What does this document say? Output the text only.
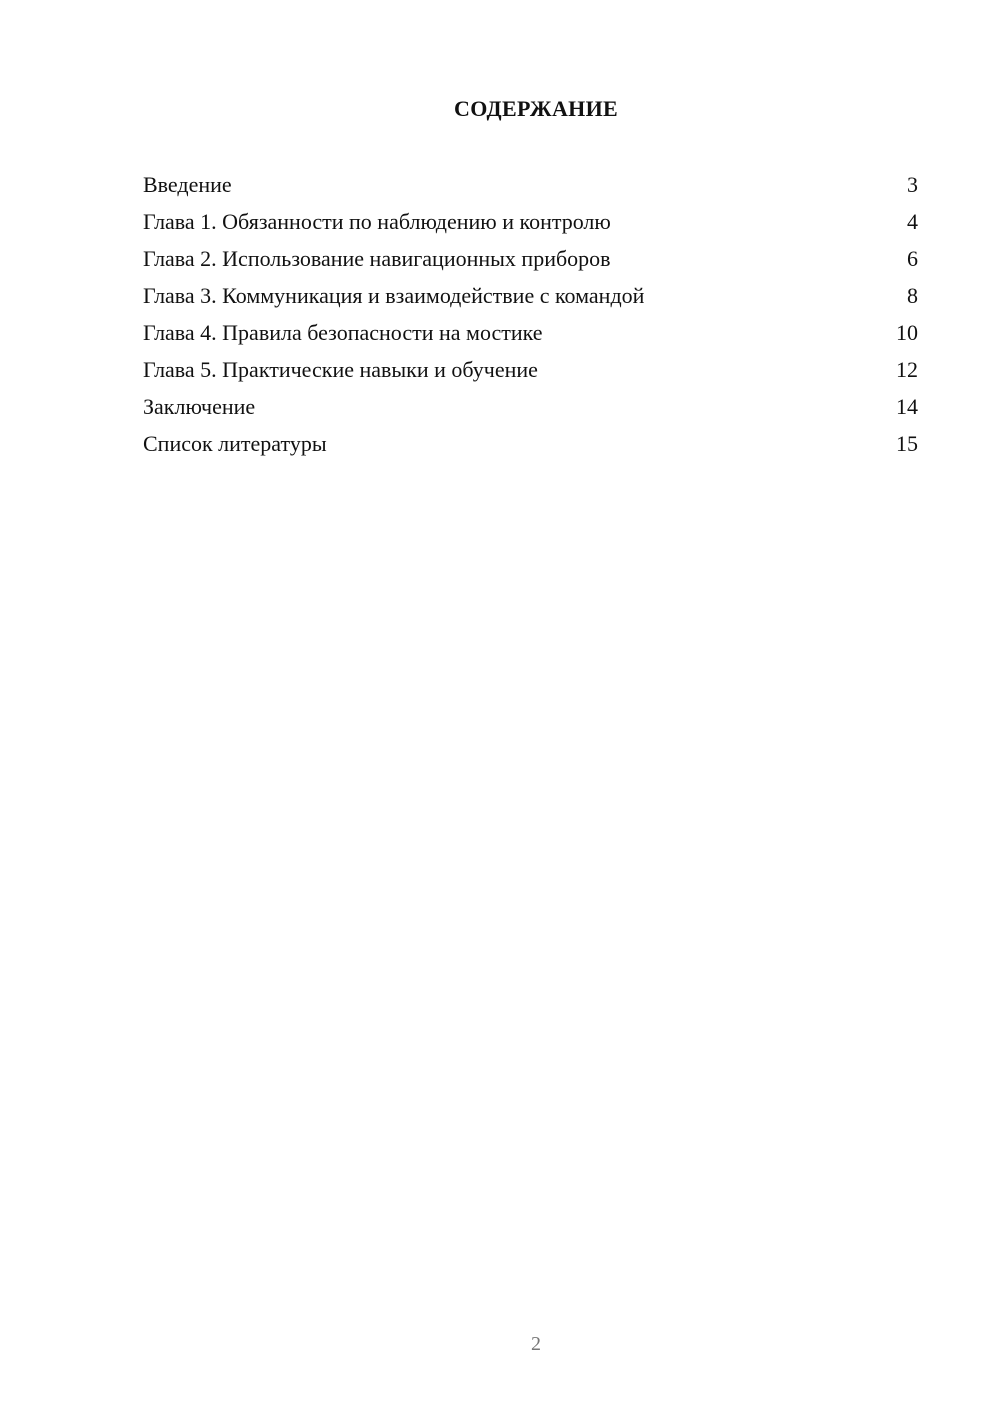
СОДЕРЖАНИЕ
Введение	3
Глава 1. Обязанности по наблюдению и контролю	4
Глава 2. Использование навигационных приборов	6
Глава 3. Коммуникация и взаимодействие с командой	8
Глава 4. Правила безопасности на мостике	10
Глава 5. Практические навыки и обучение	12
Заключение	14
Список литературы	15
2
